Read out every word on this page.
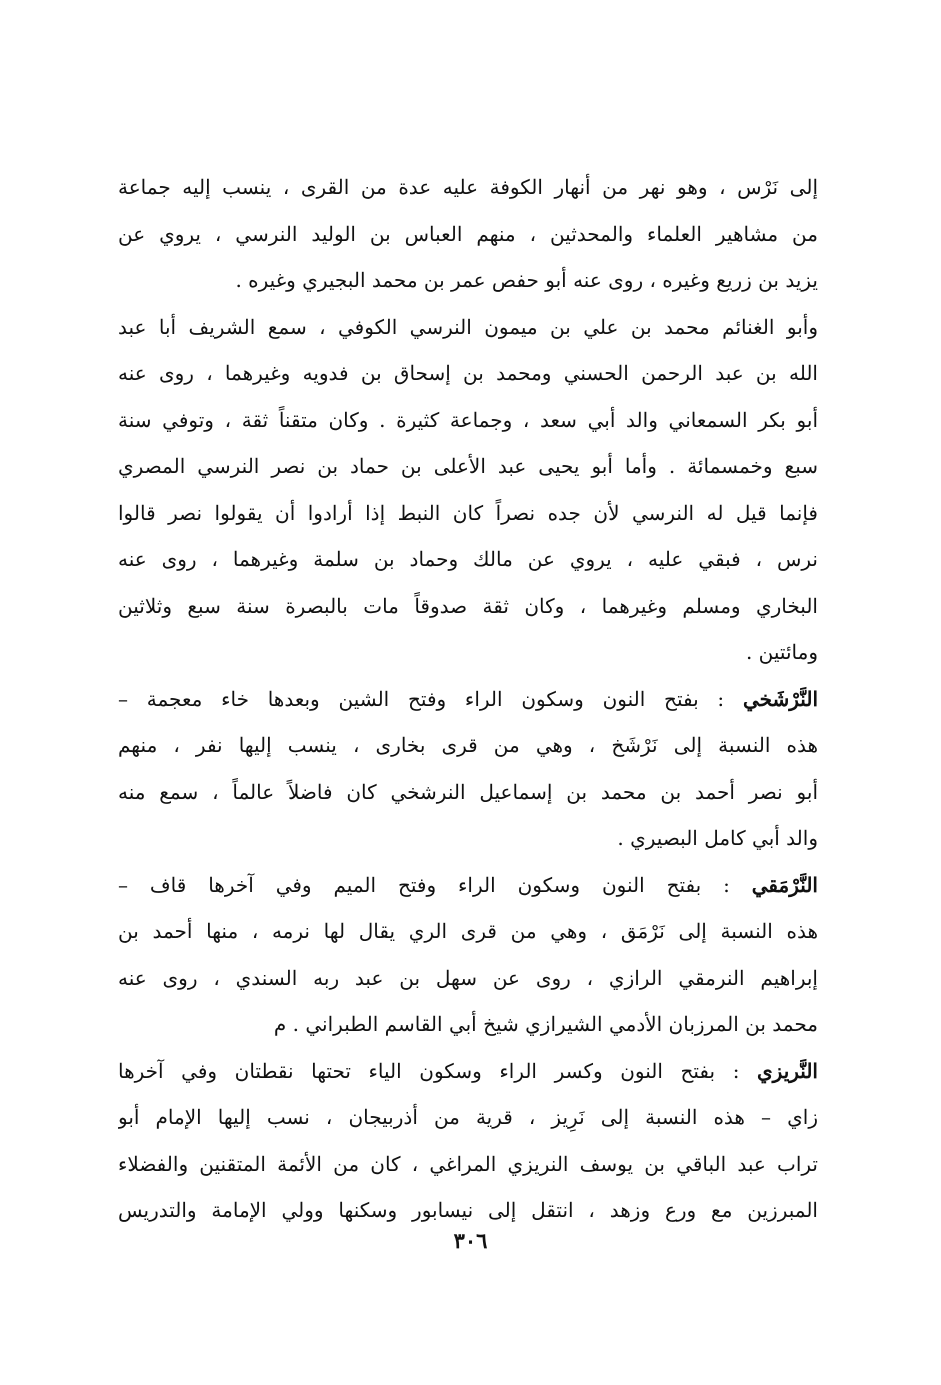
إلى نَرْس ، وهو نهر من أنهار الكوفة عليه عدة من القرى ، ينسب إليه جماعة
من مشاهير العلماء والمحدثين ، منهم العباس بن الوليد النرسي ، يروي عن
يزيد بن زريع وغيره ، روى عنه أبو حفص عمر بن محمد البجيري وغيره .
وأبو الغنائم محمد بن علي بن ميمون النرسي الكوفي ، سمع الشريف أبا عبد
الله بن عبد الرحمن الحسني ومحمد بن إسحاق بن فدويه وغيرهما ، روى عنه
أبو بكر السمعاني والد أبي سعد ، وجماعة كثيرة . وكان متقناً ثقة ، وتوفي سنة
سبع وخمسمائة . وأما أبو يحيى عبد الأعلى بن حماد بن نصر النرسي المصري
فإنما قيل له النرسي لأن جده نصراً كان النبط إذا أرادوا أن يقولوا نصر قالوا
نرس ، فبقي عليه ، يروي عن مالك وحماد بن سلمة وغيرهما ، روى عنه
البخاري ومسلم وغيرهما ، وكان ثقة صدوقاً مات بالبصرة سنة سبع وثلاثين
ومائتين .
النَّرْشَخي : بفتح النون وسكون الراء وفتح الشين وبعدها خاء معجمة –
هذه النسبة إلى نَرْشَخ ، وهي من قرى بخارى ، ينسب إليها نفر ، منهم
أبو نصر أحمد بن محمد بن إسماعيل النرشخي كان فاضلاً عالماً ، سمع منه
والد أبي كامل البصيري .
النَّرْمَقي : بفتح النون وسكون الراء وفتح الميم وفي آخرها قاف –
هذه النسبة إلى نَرْمَق ، وهي من قرى الري يقال لها نرمه ، منها أحمد بن
إبراهيم النرمقي الرازي ، روى عن سهل بن عبد ربه السندي ، روى عنه
محمد بن المرزبان الأدمي الشيرازي شيخ أبي القاسم الطبراني . م
النَّريزي : بفتح النون وكسر الراء وسكون الياء تحتها نقطتان وفي آخرها
زاي – هذه النسبة إلى نَرِيز ، قرية من أذربيجان ، نسب إليها الإمام أبو
تراب عبد الباقي بن يوسف النريزي المراغي ، كان من الأئمة المتقنين والفضلاء
المبرزين مع ورع وزهد ، انتقل إلى نيسابور وسكنها وولي الإمامة والتدريس
٣٠٦
